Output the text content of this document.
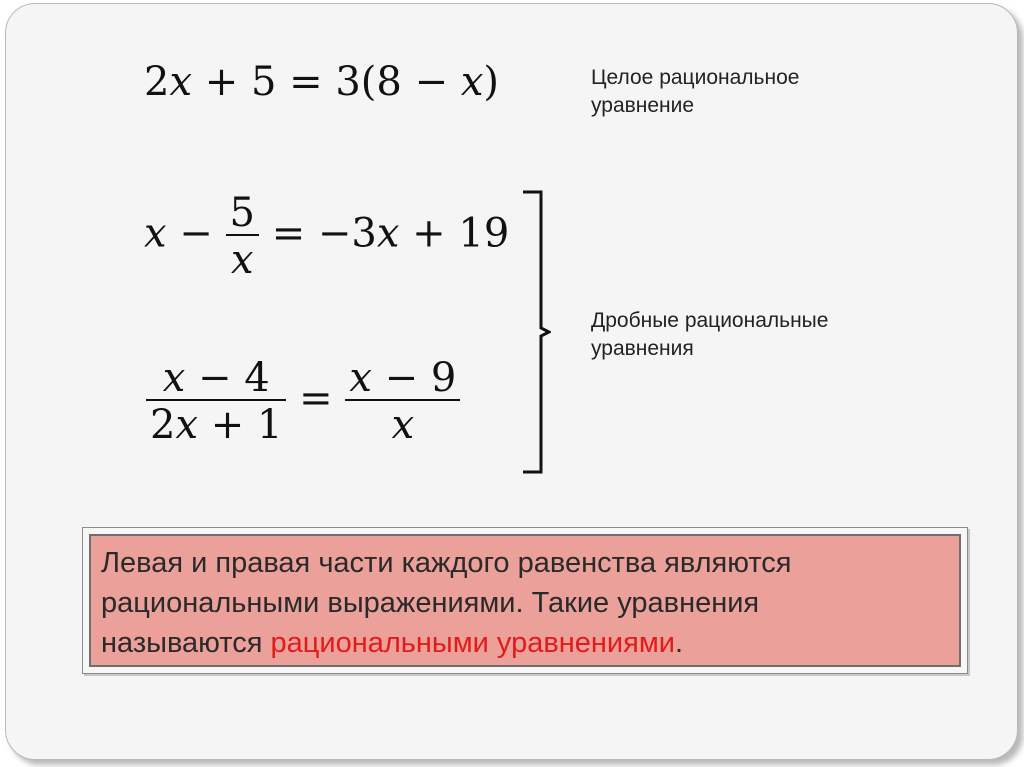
2x + 5 = 3(8 − x)	Целое рациональное
уравнение
$x - \frac{5}{x} = -3x + 19$
$\frac{x - 4}{2x + 1} = \frac{x - 9}{x}$
Дробные рациональные
уравнения
Левая и правая части каждого равенства являются
рациональными выражениями. Такие уравнения
называются рациональными уравнениями.
